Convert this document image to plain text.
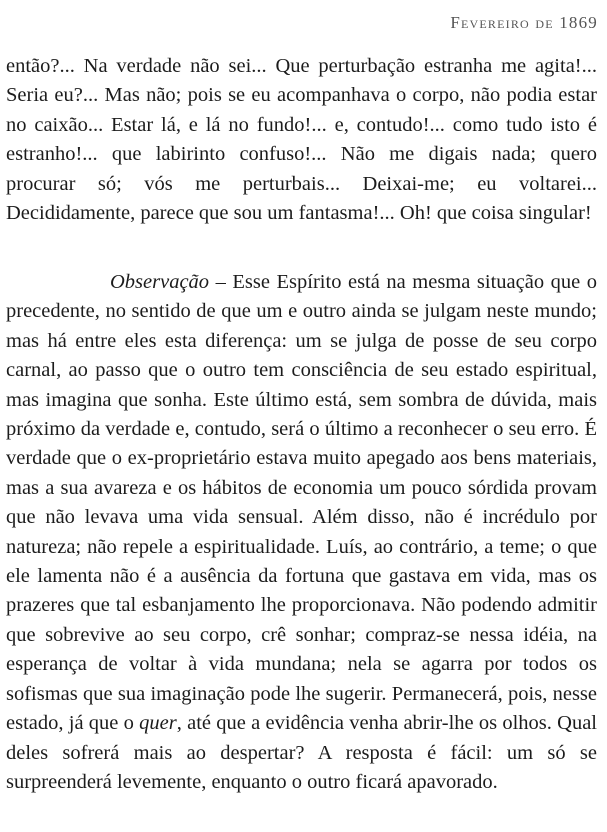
Fevereiro de 1869

então?... Na verdade não sei... Que perturbação estranha me agita!... Seria eu?... Mas não; pois se eu acompanhava o corpo, não podia estar no caixão... Estar lá, e lá no fundo!... e, contudo!... como tudo isto é estranho!... que labirinto confuso!... Não me digais nada; quero procurar só; vós me perturbais... Deixai-me; eu voltarei... Decididamente, parece que sou um fantasma!... Oh! que coisa singular!

Observação – Esse Espírito está na mesma situação que o precedente, no sentido de que um e outro ainda se julgam neste mundo; mas há entre eles esta diferença: um se julga de posse de seu corpo carnal, ao passo que o outro tem consciência de seu estado espiritual, mas imagina que sonha. Este último está, sem sombra de dúvida, mais próximo da verdade e, contudo, será o último a reconhecer o seu erro. É verdade que o ex-proprietário estava muito apegado aos bens materiais, mas a sua avareza e os hábitos de economia um pouco sórdida provam que não levava uma vida sensual. Além disso, não é incrédulo por natureza; não repele a espiritualidade. Luís, ao contrário, a teme; o que ele lamenta não é a ausência da fortuna que gastava em vida, mas os prazeres que tal esbanjamento lhe proporcionava. Não podendo admitir que sobrevive ao seu corpo, crê sonhar; compraz-se nessa idéia, na esperança de voltar à vida mundana; nela se agarra por todos os sofismas que sua imaginação pode lhe sugerir. Permanecerá, pois, nesse estado, já que o quer, até que a evidência venha abrir-lhe os olhos. Qual deles sofrerá mais ao despertar? A resposta é fácil: um só se surpreenderá levemente, enquanto o outro ficará apavorado.
